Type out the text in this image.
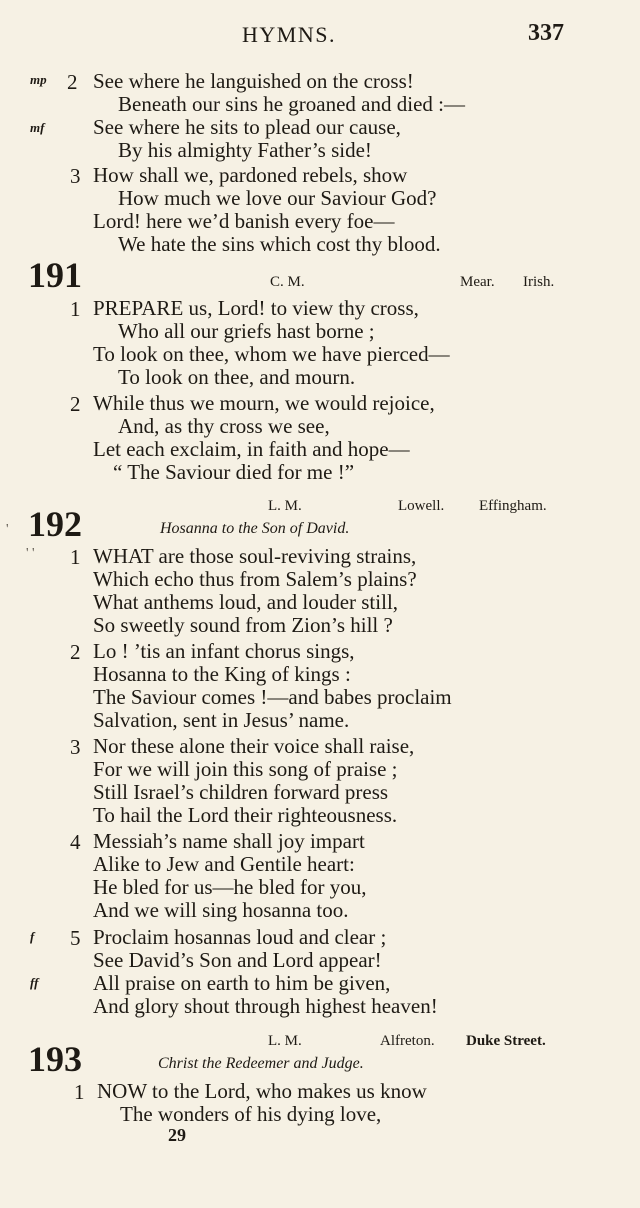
HYMNS.	337
mp 2 See where he languished on the cross!
Beneath our sins he groaned and died :—
mf See where he sits to plead our cause,
By his almighty Father’s side!
3 How shall we, pardoned rebels, show
How much we love our Saviour God?
Lord! here we’d banish every foe—
We hate the sins which cost thy blood.
191	C. M.	Mear. Irish.
1 PREPARE us, Lord! to view thy cross,
Who all our griefs hast borne ;
To look on thee, whom we have pierced—
To look on thee, and mourn.
2 While thus we mourn, we would rejoice,
And, as thy cross we see,
Let each exclaim, in faith and hope—
“ The Saviour died for me !”
L. M.	Lowell. Effingham.
' 192	Hosanna to the Son of David.
' ' 1 WHAT are those soul-reviving strains,
Which echo thus from Salem’s plains?
What anthems loud, and louder still,
So sweetly sound from Zion’s hill ?
2 Lo ! ’tis an infant chorus sings,
Hosanna to the King of kings :
The Saviour comes !—and babes proclaim
Salvation, sent in Jesus’ name.
3 Nor these alone their voice shall raise,
For we will join this song of praise ;
Still Israel’s children forward press
To hail the Lord their righteousness.
4 Messiah’s name shall joy impart
Alike to Jew and Gentile heart:
He bled for us—he bled for you,
And we will sing hosanna too.
f 5 Proclaim hosannas loud and clear ;
See David’s Son and Lord appear!
ff	All praise on earth to him be given,
And glory shout through highest heaven!
L. M.	Alfreton. Duke Street.
193	Christ the Redeemer and Judge.
1 NOW to the Lord, who makes us know
The wonders of his dying love,
29
